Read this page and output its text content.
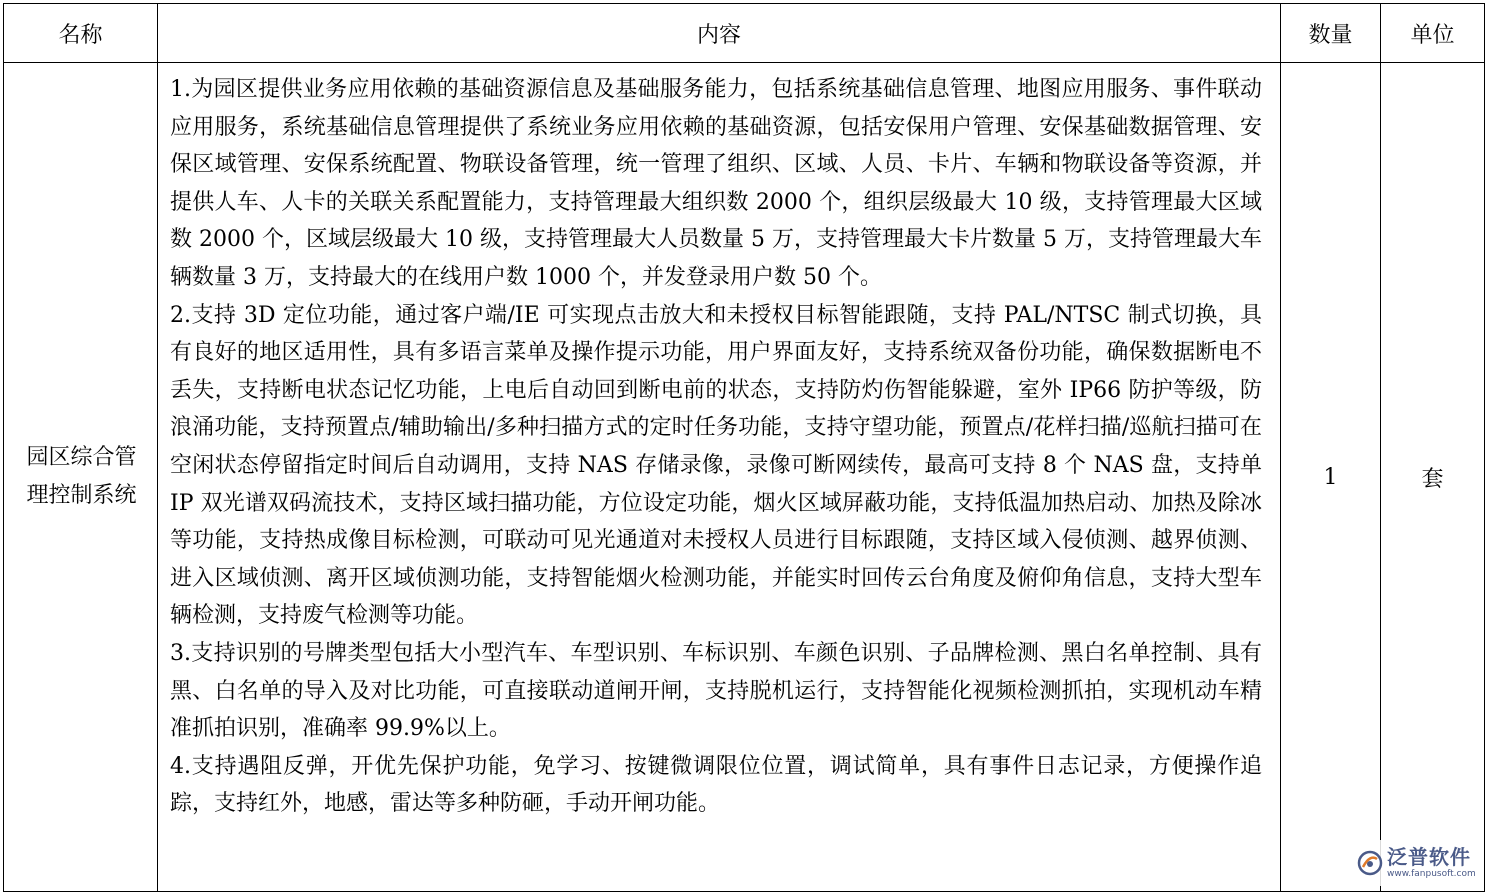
名称	内容	数量	单位
园区综合管理控制系统	1.为园区提供业务应用依赖的基础资源信息及基础服务能力，包括系统基础信息管理、地图应用服务、事件联动应用服务，系统基础信息管理提供了系统业务应用依赖的基础资源，包括安保用户管理、安保基础数据管理、安保区域管理、安保系统配置、物联设备管理，统一管理了组织、区域、人员、卡片、车辆和物联设备等资源，并提供人车、人卡的关联关系配置能力，支持管理最大组织数 2000 个，组织层级最大 10 级，支持管理最大区域数 2000 个，区域层级最大 10 级，支持管理最大人员数量 5 万，支持管理最大卡片数量 5 万，支持管理最大车辆数量 3 万，支持最大的在线用户数 1000 个，并发登录用户数 50 个。

2.支持 3D 定位功能，通过客户端/IE 可实现点击放大和未授权目标智能跟随，支持 PAL/NTSC 制式切换，具有良好的地区适用性，具有多语言菜单及操作提示功能，用户界面友好，支持系统双备份功能，确保数据断电不丢失，支持断电状态记忆功能，上电后自动回到断电前的状态，支持防灼伤智能躲避，室外 IP66 防护等级，防浪涌功能，支持预置点/辅助输出/多种扫描方式的定时任务功能，支持守望功能，预置点/花样扫描/巡航扫描可在空闲状态停留指定时间后自动调用，支持 NAS 存储录像，录像可断网续传，最高可支持 8 个 NAS 盘，支持单 IP 双光谱双码流技术，支持区域扫描功能，方位设定功能，烟火区域屏蔽功能，支持低温加热启动、加热及除冰等功能，支持热成像目标检测，可联动可见光通道对未授权人员进行目标跟随，支持区域入侵侦测、越界侦测、进入区域侦测、离开区域侦测功能，支持智能烟火检测功能，并能实时回传云台角度及俯仰角信息，支持大型车辆检测，支持废气检测等功能。

3.支持识别的号牌类型包括大小型汽车、车型识别、车标识别、车颜色识别、子品牌检测、黑白名单控制、具有黑、白名单的导入及对比功能，可直接联动道闸开闸，支持脱机运行，支持智能化视频检测抓拍，实现机动车精准抓拍识别，准确率 99.9%以上。

4.支持遇阻反弹，开优先保护功能，免学习、按键微调限位位置，调试简单，具有事件日志记录，方便操作追踪，支持红外，地感，雷达等多种防砸，手动开闸功能。	1	套
泛普软件
www.fanpusoft.com
